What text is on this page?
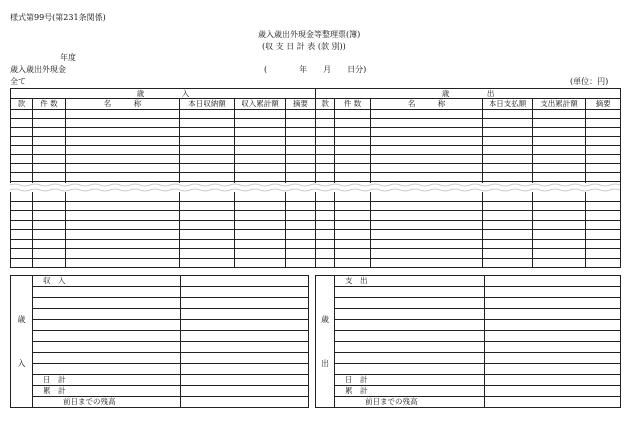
様式第99号(第231条関係)
歳入歳出外現金等整理票(簿)
(収 支 日 計 表 (款 別))
年度
歳入歳出外現金	(　　　　年　　月　　日分)
全て	(単位：円)
歳　　　　　入						歳　　　　　出					
款	件 数	名　　　称	本日収納額	収入累計額	摘要	款	件 数	名　　　称	本日支払額	支出累計額	摘要

歳
入	収　入	

	日　計	
	累　計	
	前日までの残高	
歳
出	支　出	

	日　計	
	累　計	
	前日までの残高	
